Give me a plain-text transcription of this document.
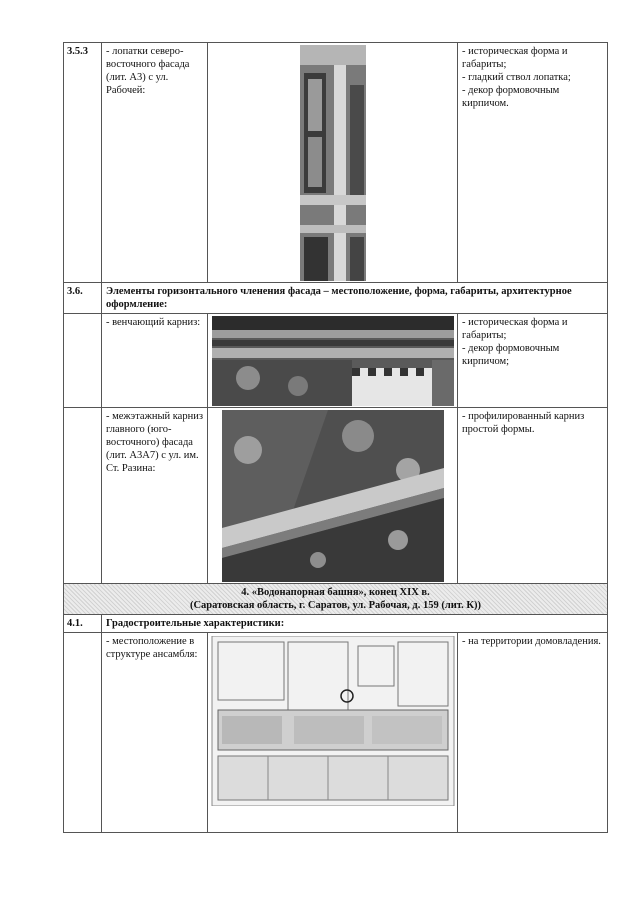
3.5.3	- лопатки северо-восточного фасада (лит. А3) с ул. Рабочей:		- историческая форма и габариты;
- гладкий ствол лопатка;
- декор формовочным кирпичом.

3.6.	Элементы горизонтального членения фасада – местоположение, форма, габариты, архитектурное оформление:		
	- венчающий карниз:		- историческая форма и габариты;
- декор формовочным кирпичом;

	- межэтажный карниз главного (юго-восточного) фасада (лит. А3А7) с ул. им. Ст. Разина:		- профилированный карниз простой формы.

4. «Водонапорная башня», конец XIX в.
(Саратовская область, г. Саратов, ул. Рабочая, д. 159 (лит. К))			

4.1.	Градостроительные характеристики:		
	- местоположение в структуре ансамбля:		- на территории домовладения.
